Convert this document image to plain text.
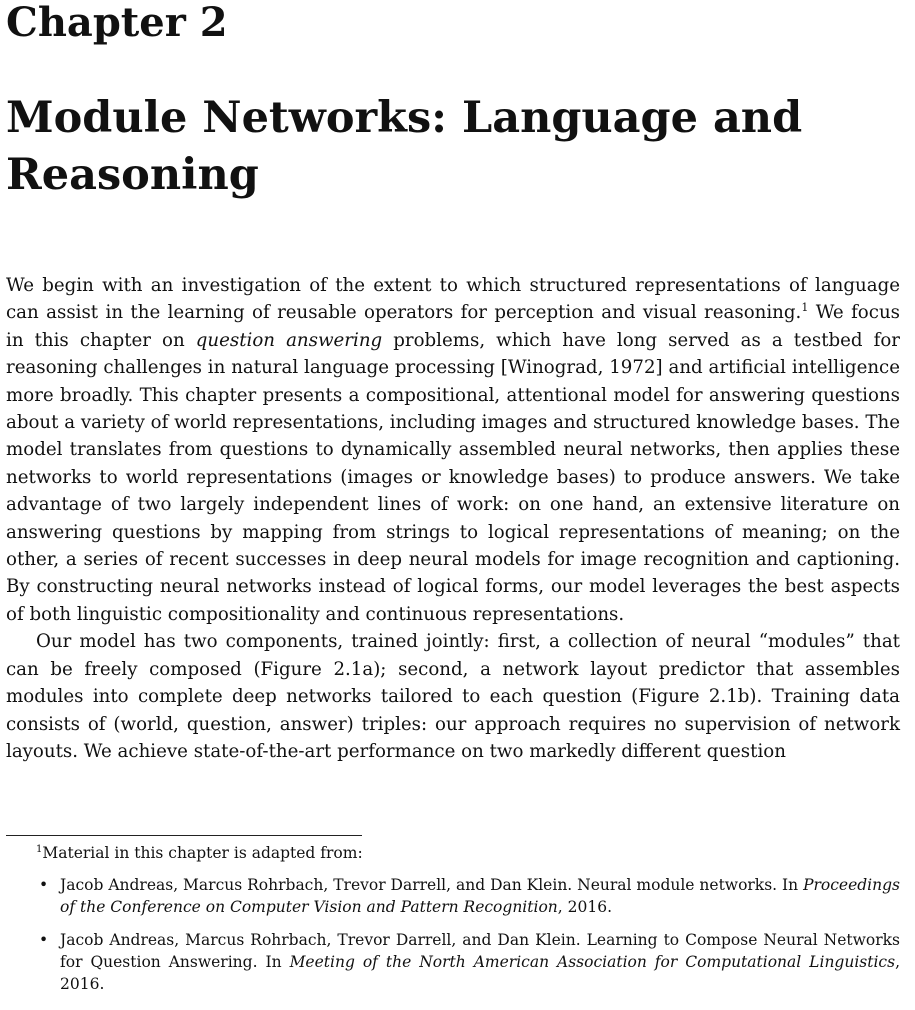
Chapter 2
Module Networks: Language and Reasoning

We begin with an investigation of the extent to which structured representations of language can assist in the learning of reusable operators for perception and visual reasoning.$^1$ We focus in this chapter on question answering problems, which have long served as a testbed for reasoning challenges in natural language processing [Winograd, 1972] and artificial intelligence more broadly. This chapter presents a compositional, attentional model for answering questions about a variety of world representations, including images and structured knowledge bases. The model translates from questions to dynamically assembled neural networks, then applies these networks to world representations (images or knowledge bases) to produce answers. We take advantage of two largely independent lines of work: on one hand, an extensive literature on answering questions by mapping from strings to logical representations of meaning; on the other, a series of recent successes in deep neural models for image recognition and captioning. By constructing neural networks instead of logical forms, our model leverages the best aspects of both linguistic compositionality and continuous representations.

Our model has two components, trained jointly: first, a collection of neural “modules” that can be freely composed (Figure 2.1a); second, a network layout predictor that assembles modules into complete deep networks tailored to each question (Figure 2.1b). Training data consists of (world, question, answer) triples: our approach requires no supervision of network layouts. We achieve state-of-the-art performance on two markedly different question

$^1$Material in this chapter is adapted from:

• Jacob Andreas, Marcus Rohrbach, Trevor Darrell, and Dan Klein. Neural module networks. In Proceedings of the Conference on Computer Vision and Pattern Recognition, 2016.
• Jacob Andreas, Marcus Rohrbach, Trevor Darrell, and Dan Klein. Learning to Compose Neural Networks for Question Answering. In Meeting of the North American Association for Computational Linguistics, 2016.
